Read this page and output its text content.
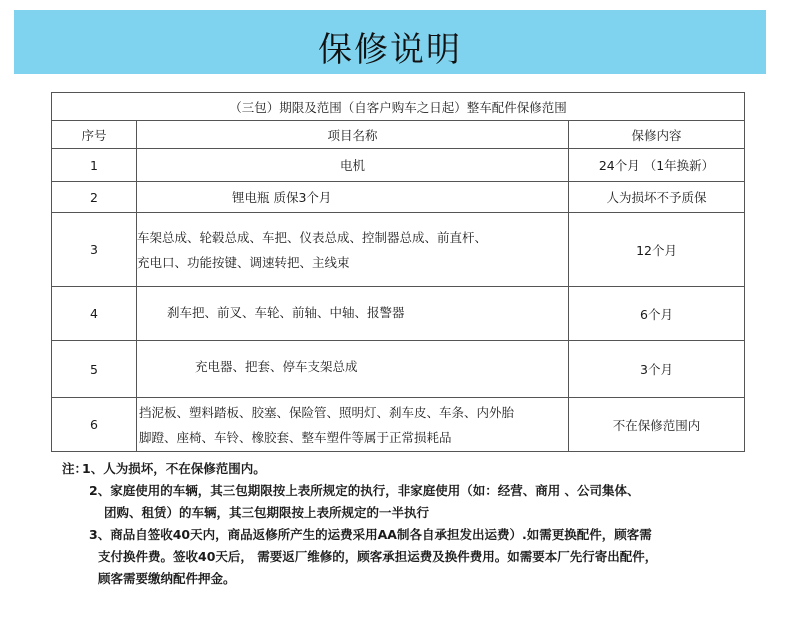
保修说明
（三包）期限及范围（自客户购车之日起）整车配件保修范围		
序号	项目名称	保修内容
1	电机	24个月 （1年换新）
2	锂电瓶 质保3个月	人为损坏不予质保
3	车架总成、轮毂总成、车把、仪表总成、控制器总成、前直杆、
充电口、功能按键、调速转把、主线束	12个月
4	刹车把、前叉、车轮、前轴、中轴、报警器	6个月
5	充电器、把套、停车支架总成	3个月
6	挡泥板、塑料踏板、胶塞、保险管、照明灯、刹车皮、车条、内外胎
脚蹬、座椅、车铃、橡胶套、整车塑件等属于正常损耗品	不在保修范围内

注：1、人为损坏，不在保修范围内。

2、家庭使用的车辆，其三包期限按上表所规定的执行，非家庭使用（如：经营、商用 、公司集体、

团购、租赁）的车辆，其三包期限按上表所规定的一半执行

3、商品自签收40天内，商品返修所产生的运费采用AA制各自承担发出运费）.如需更换配件，顾客需

支付换件费。签收40天后， 需要返厂维修的，顾客承担运费及换件费用。如需要本厂先行寄出配件，

顾客需要缴纳配件押金。
